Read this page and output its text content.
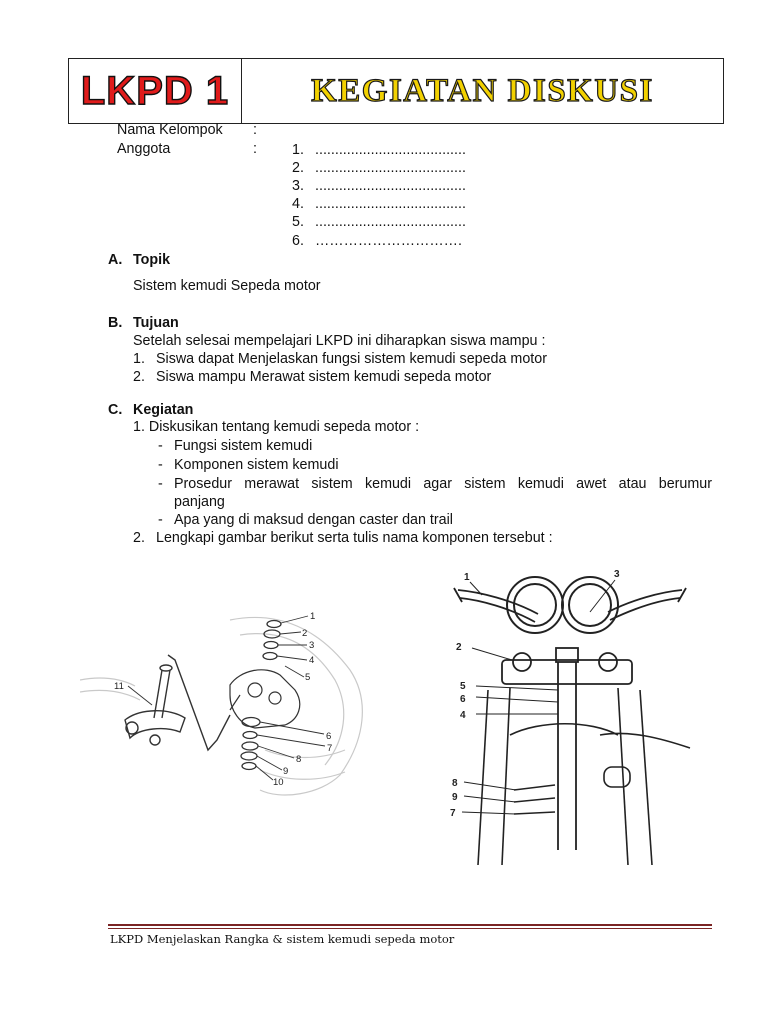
LKPD 1 KEGIATAN DISKUSI
Nama Kelompok :
Anggota	: 1. ......................................
2. ......................................
3. ......................................
4. ......................................
5. ......................................
6. ………………………….
A. Topik
Sistem kemudi Sepeda motor
B. Tujuan
Setelah selesai mempelajari LKPD ini diharapkan siswa mampu :
1. Siswa dapat Menjelaskan fungsi sistem kemudi sepeda motor
2. Siswa mampu Merawat sistem kemudi sepeda motor
C. Kegiatan
1. Diskusikan tentang kemudi sepeda motor :
- Fungsi sistem kemudi
- Komponen sistem kemudi
- Prosedur merawat sistem kemudi agar sistem kemudi awet atau berumur
panjang
- Apa yang di maksud dengan caster dan trail
2. Lengkapi gambar berikut serta tulis nama komponen tersebut :
1
2
3
4
5
6
7
8
9
10
11
1
2
3
4
5
6
7
8
9
LKPD Menjelaskan Rangka & sistem kemudi sepeda motor
